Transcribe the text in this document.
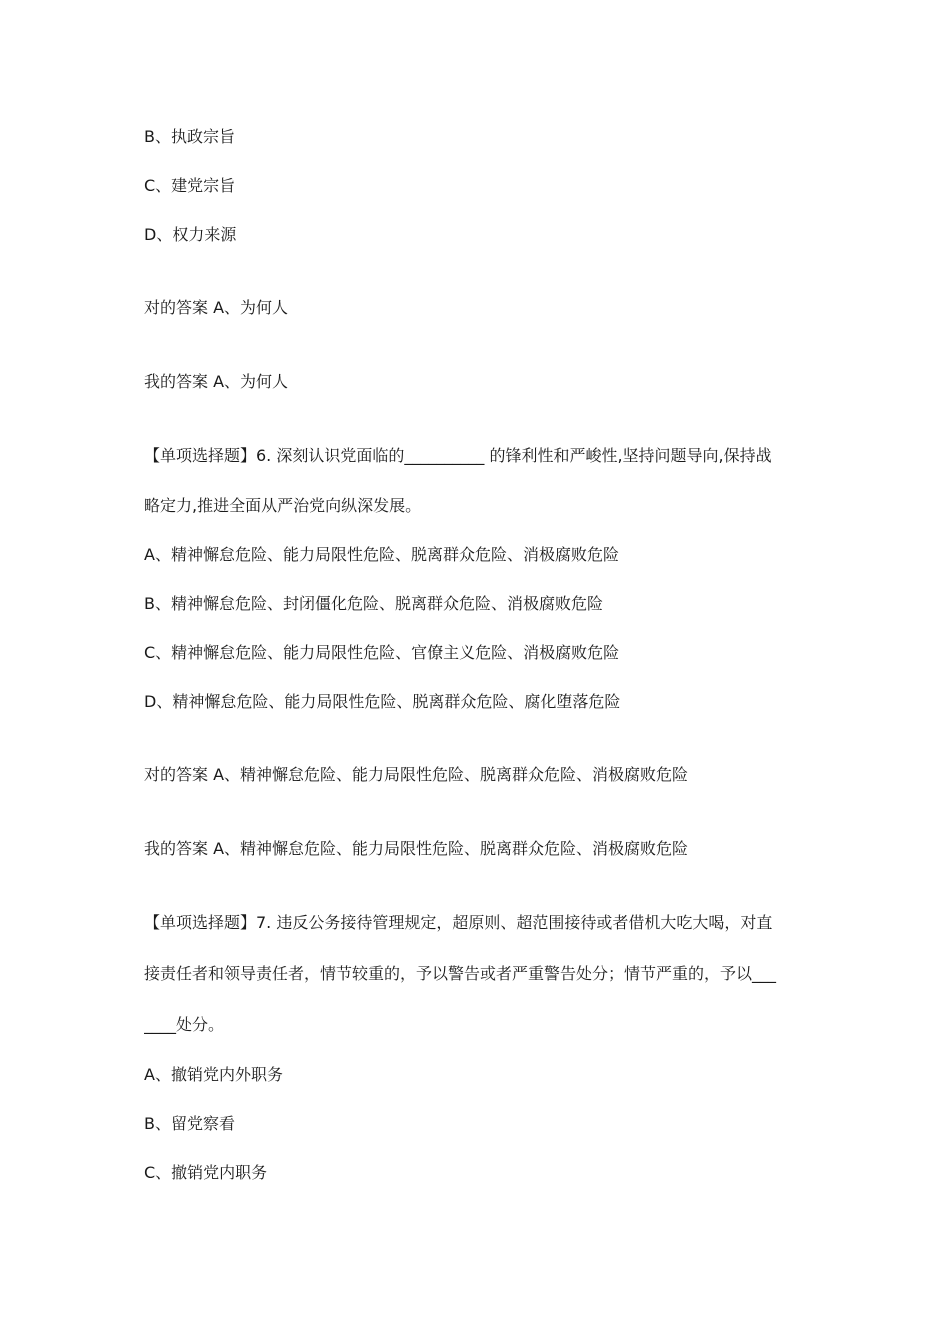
B、执政宗旨
C、建党宗旨
D、权力来源
对的答案 A、为何人
我的答案 A、为何人
【单项选择题】6. 深刻认识党面临的__________ 的锋利性和严峻性,坚持问题导向,保持战
略定力,推进全面从严治党向纵深发展。
A、精神懈怠危险、能力局限性危险、脱离群众危险、消极腐败危险
B、精神懈怠危险、封闭僵化危险、脱离群众危险、消极腐败危险
C、精神懈怠危险、能力局限性危险、官僚主义危险、消极腐败危险
D、精神懈怠危险、能力局限性危险、脱离群众危险、腐化堕落危险
对的答案 A、精神懈怠危险、能力局限性危险、脱离群众危险、消极腐败危险
我的答案 A、精神懈怠危险、能力局限性危险、脱离群众危险、消极腐败危险
【单项选择题】7. 违反公务接待管理规定，超原则、超范围接待或者借机大吃大喝，对直
接责任者和领导责任者，情节较重的，予以警告或者严重警告处分；情节严重的，予以___
____处分。
A、撤销党内外职务
B、留党察看
C、撤销党内职务
